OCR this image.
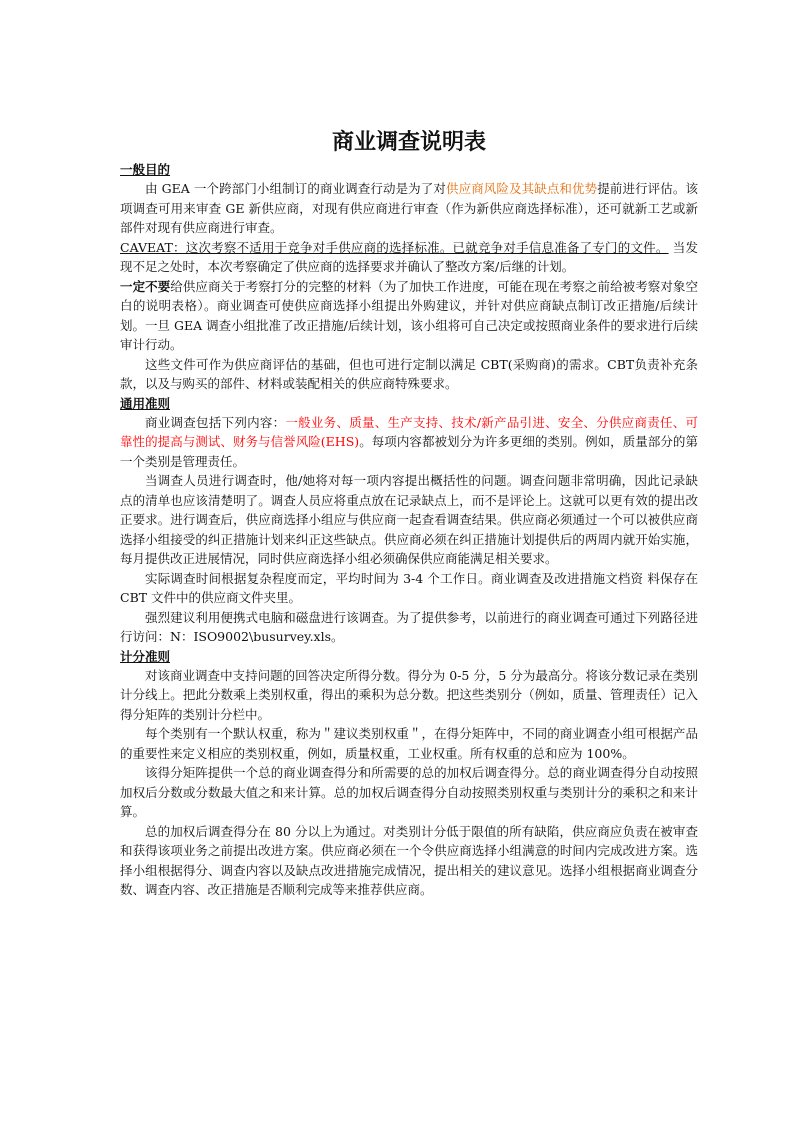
商业调查说明表
一般目的

由 GEA 一个跨部门小组制订的商业调查行动是为了对供应商风险及其缺点和优势提前进行评估。该项调查可用来审查 GE 新供应商，对现有供应商进行审查（作为新供应商选择标准），还可就新工艺或新部件对现有供应商进行审查。

CAVEAT：这次考察不适用于竞争对手供应商的选择标准。已就竞争对手信息准备了专门的文件。 当发现不足之处时，本次考察确定了供应商的选择要求并确认了整改方案/后继的计划。

一定不要给供应商关于考察打分的完整的材料（为了加快工作进度，可能在现在考察之前给被考察对象空白的说明表格）。商业调查可使供应商选择小组提出外购建议，并针对供应商缺点制订改正措施/后续计划。一旦 GEA 调查小组批准了改正措施/后续计划，该小组将可自己决定或按照商业条件的要求进行后续审计行动。

这些文件可作为供应商评估的基础，但也可进行定制以满足 CBT(采购商)的需求。CBT负责补充条款，以及与购买的部件、材料或装配相关的供应商特殊要求。

通用准则

商业调查包括下列内容：一般业务、质量、生产支持、技术/新产品引进、安全、分供应商责任、可靠性的提高与测试、财务与信誉风险(EHS)。每项内容都被划分为许多更细的类别。例如，质量部分的第一个类别是管理责任。

当调查人员进行调查时，他/她将对每一项内容提出概括性的问题。调查问题非常明确，因此记录缺点的清单也应该清楚明了。调查人员应将重点放在记录缺点上，而不是评论上。这就可以更有效的提出改正要求。进行调查后，供应商选择小组应与供应商一起查看调查结果。供应商必须通过一个可以被供应商选择小组接受的纠正措施计划来纠正这些缺点。供应商必须在纠正措施计划提供后的两周内就开始实施，每月提供改正进展情况，同时供应商选择小组必须确保供应商能满足相关要求。

实际调查时间根据复杂程度而定，平均时间为 3-4 个工作日。商业调查及改进措施文档资 料保存在 CBT 文件中的供应商文件夹里。

强烈建议利用便携式电脑和磁盘进行该调查。为了提供参考，以前进行的商业调查可通过下列路径进行访问：N：ISO9002\busurvey.xls。

计分准则

对该商业调查中支持问题的回答决定所得分数。得分为 0-5 分，5 分为最高分。将该分数记录在类别计分线上。把此分数乘上类别权重，得出的乘积为总分数。把这些类别分（例如，质量、管理责任）记入得分矩阵的类别计分栏中。

每个类别有一个默认权重，称为＂建议类别权重＂，在得分矩阵中，不同的商业调查小组可根据产品的重要性来定义相应的类别权重，例如，质量权重，工业权重。所有权重的总和应为 100%。

该得分矩阵提供一个总的商业调查得分和所需要的总的加权后调查得分。总的商业调查得分自动按照加权后分数或分数最大值之和来计算。总的加权后调查得分自动按照类别权重与类别计分的乘积之和来计算。

总的加权后调查得分在 80 分以上为通过。对类别计分低于限值的所有缺陷，供应商应负责在被审查和获得该项业务之前提出改进方案。供应商必须在一个令供应商选择小组满意的时间内完成改进方案。选择小组根据得分、调查内容以及缺点改进措施完成情况，提出相关的建议意见。选择小组根据商业调查分数、调查内容、改正措施是否顺利完成等来推荐供应商。
